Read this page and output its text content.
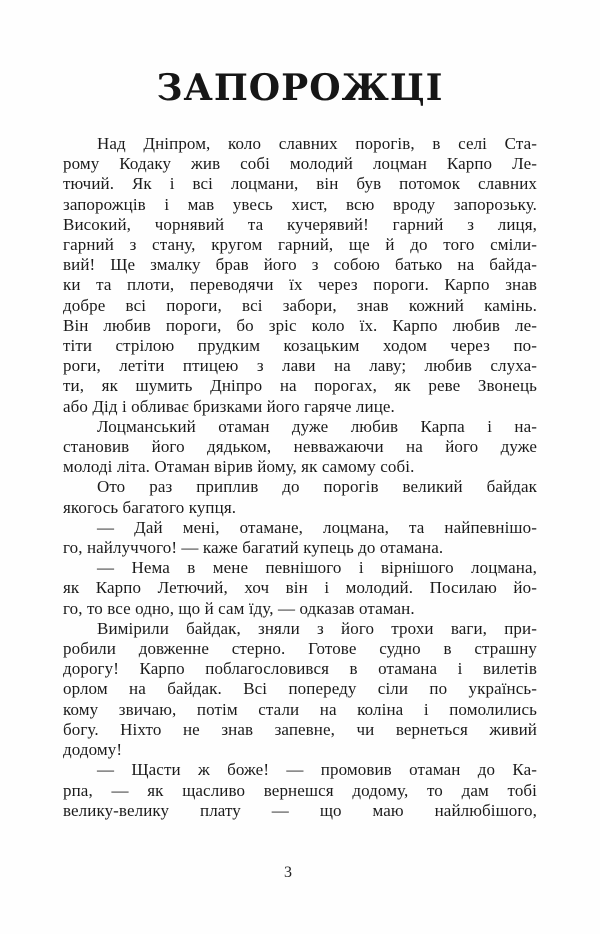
ЗАПОРОЖЦІ
Над Дніпром, коло славних порогів, в селі Ста-
рому Кодаку жив собі молодий лоцман Карпо Ле-
тючий. Як і всі лоцмани, він був потомок славних
запорожців і мав увесь хист, всю вроду запорозьку.
Високий, чорнявий та кучерявий! гарний з лиця,
гарний з стану, кругом гарний, ще й до того сміли-
вий! Ще змалку брав його з собою батько на байда-
ки та плоти, переводячи їх через пороги. Карпо знав
добре всі пороги, всі забори, знав кожний камінь.
Він любив пороги, бо зріс коло їх. Карпо любив ле-
тіти стрілою прудким козацьким ходом через по-
роги, летіти птицею з лави на лаву; любив слуха-
ти, як шумить Дніпро на порогах, як реве Звонець
або Дід і обливає бризками його гаряче лице.
Лоцманський отаман дуже любив Карпа і на-
становив його дядьком, невважаючи на його дуже
молоді літа. Отаман вірив йому, як самому собі.
Ото раз приплив до порогів великий байдак
якогось багатого купця.
— Дай мені, отамане, лоцмана, та найпевнішо-
го, найлуччого! — каже багатий купець до отамана.
— Нема в мене певнішого і вірнішого лоцмана,
як Карпо Летючий, хоч він і молодий. Посилаю йо-
го, то все одно, що й сам їду, — одказав отаман.
Вимірили байдак, зняли з його трохи ваги, при-
робили довженне стерно. Готове судно в страшну
дорогу! Карпо поблагословився в отамана і вилетів
орлом на байдак. Всі попереду сіли по українсь-
кому звичаю, потім стали на коліна і помолились
богу. Ніхто не знав запевне, чи вернеться живий
додому!
— Щасти ж боже! — промовив отаман до Ка-
рпа, — як щасливо вернешся додому, то дам тобі
велику-велику плату — що маю найлюбішого,
3
